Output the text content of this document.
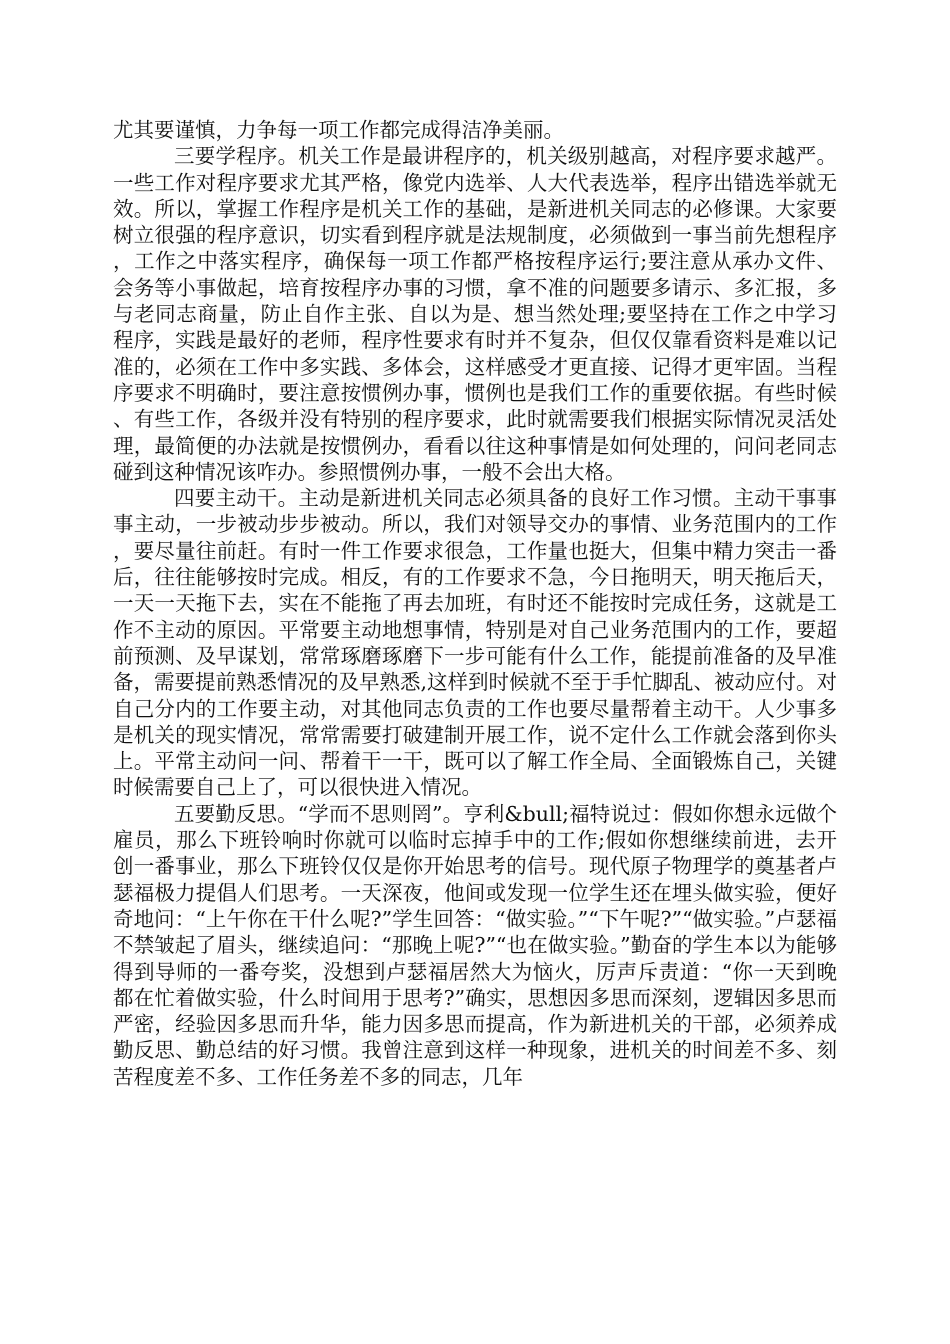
尤其要谨慎，力争每一项工作都完成得洁净美丽。

三要学程序。机关工作是最讲程序的，机关级别越高，对程序要求越严。一些工作对程序要求尤其严格，像党内选举、人大代表选举，程序出错选举就无效。所以，掌握工作程序是机关工作的基础，是新进机关同志的必修课。大家要树立很强的程序意识，切实看到程序就是法规制度，必须做到一事当前先想程序，工作之中落实程序，确保每一项工作都严格按程序运行;要注意从承办文件、会务等小事做起，培育按程序办事的习惯，拿不准的问题要多请示、多汇报，多与老同志商量，防止自作主张、自以为是、想当然处理;要坚持在工作之中学习程序，实践是最好的老师，程序性要求有时并不复杂，但仅仅靠看资料是难以记准的，必须在工作中多实践、多体会，这样感受才更直接、记得才更牢固。当程序要求不明确时，要注意按惯例办事，惯例也是我们工作的重要依据。有些时候、有些工作，各级并没有特别的程序要求，此时就需要我们根据实际情况灵活处理，最简便的办法就是按惯例办，看看以往这种事情是如何处理的，问问老同志碰到这种情况该咋办。参照惯例办事，一般不会出大格。

四要主动干。主动是新进机关同志必须具备的良好工作习惯。主动干事事事主动，一步被动步步被动。所以，我们对领导交办的事情、业务范围内的工作，要尽量往前赶。有时一件工作要求很急，工作量也挺大，但集中精力突击一番后，往往能够按时完成。相反，有的工作要求不急，今日拖明天，明天拖后天，一天一天拖下去，实在不能拖了再去加班，有时还不能按时完成任务，这就是工作不主动的原因。平常要主动地想事情，特别是对自己业务范围内的工作，要超前预测、及早谋划，常常琢磨琢磨下一步可能有什么工作，能提前准备的及早准备，需要提前熟悉情况的及早熟悉,这样到时候就不至于手忙脚乱、被动应付。对自己分内的工作要主动，对其他同志负责的工作也要尽量帮着主动干。人少事多是机关的现实情况，常常需要打破建制开展工作，说不定什么工作就会落到你头上。平常主动问一问、帮着干一干，既可以了解工作全局、全面锻炼自己，关键时候需要自己上了，可以很快进入情况。

五要勤反思。“学而不思则罔”。亨利&bull;福特说过：假如你想永远做个雇员，那么下班铃响时你就可以临时忘掉手中的工作;假如你想继续前进，去开创一番事业，那么下班铃仅仅是你开始思考的信号。现代原子物理学的奠基者卢瑟福极力提倡人们思考。一天深夜，他间或发现一位学生还在埋头做实验，便好奇地问：“上午你在干什么呢?”学生回答：“做实验。”“下午呢?”“做实验。”卢瑟福不禁皱起了眉头，继续追问：“那晚上呢?”“也在做实验。”勤奋的学生本以为能够得到导师的一番夸奖，没想到卢瑟福居然大为恼火，厉声斥责道：“你一天到晚都在忙着做实验，什么时间用于思考?”确实，思想因多思而深刻，逻辑因多思而严密，经验因多思而升华，能力因多思而提高，作为新进机关的干部，必须养成勤反思、勤总结的好习惯。我曾注意到这样一种现象，进机关的时间差不多、刻苦程度差不多、工作任务差不多的同志，几年
